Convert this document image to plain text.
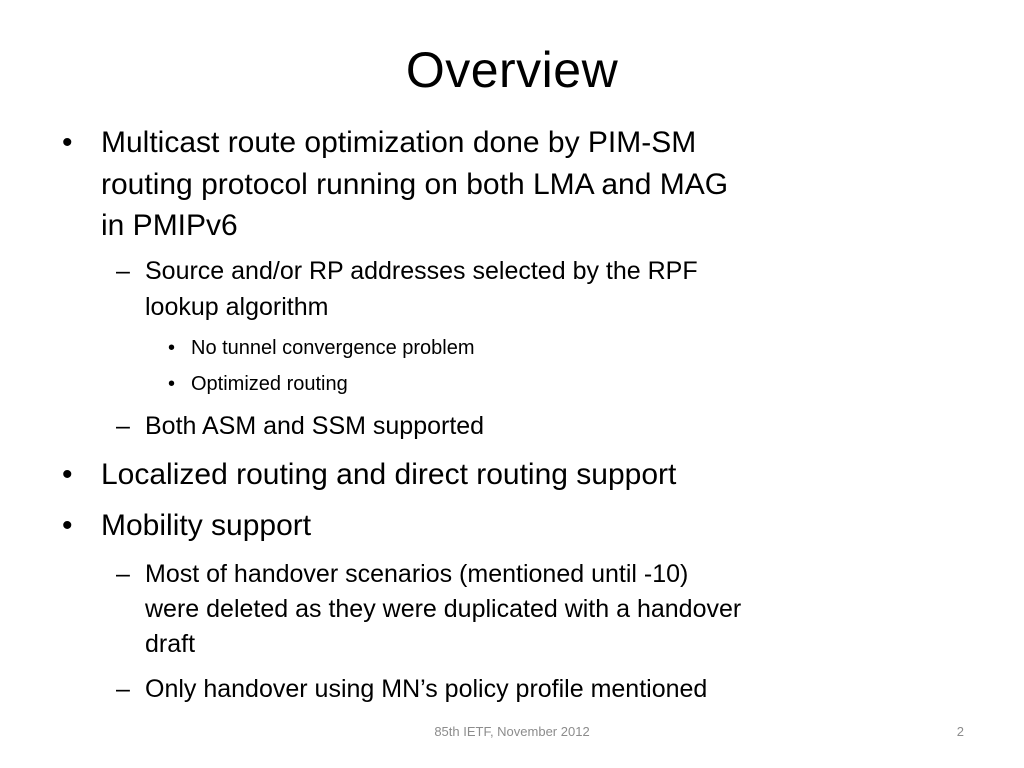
Overview
• Multicast route optimization done by PIM-SM
routing protocol running on both LMA and MAG
in PMIPv6
– Source and/or RP addresses selected by the RPF
lookup algorithm
• No tunnel convergence problem
• Optimized routing
– Both ASM and SSM supported
• Localized routing and direct routing support
• Mobility support
– Most of handover scenarios (mentioned until -10)
were deleted as they were duplicated with a handover
draft
– Only handover using MN’s policy profile mentioned
85th IETF, November 2012	2
